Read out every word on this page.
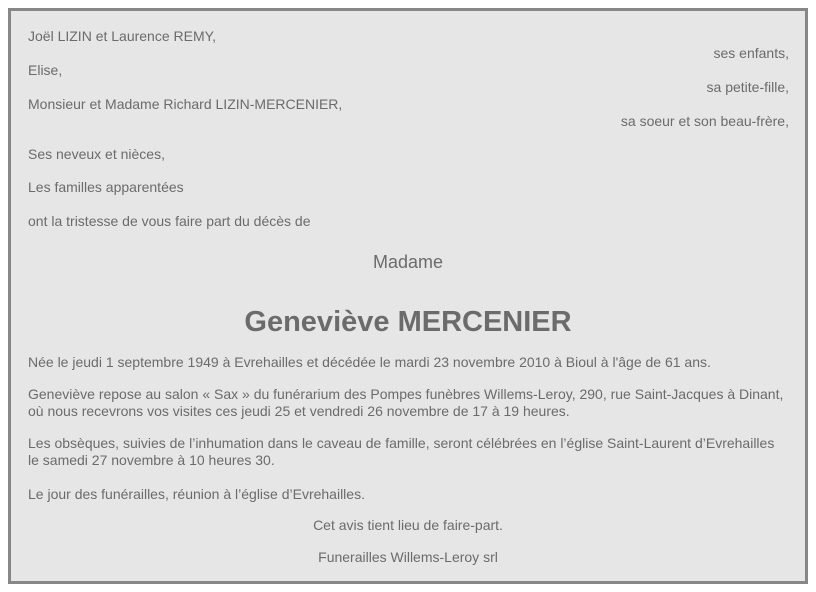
Joël LIZIN et Laurence REMY,
ses enfants,
Elise,
sa petite-fille,
Monsieur et Madame Richard LIZIN-MERCENIER,
sa soeur et son beau-frère,
Ses neveux et nièces,
Les familles apparentées
ont la tristesse de vous faire part du décès de
Madame
Geneviève MERCENIER
Née le jeudi 1 septembre 1949 à Evrehailles et décédée le mardi 23 novembre 2010 à Bioul à l'âge de 61 ans.
Geneviève repose au salon « Sax » du funérarium des Pompes funèbres Willems-Leroy, 290, rue Saint-Jacques à Dinant, où nous recevrons vos visites ces jeudi 25 et vendredi 26 novembre de 17 à 19 heures.
Les obsèques, suivies de l’inhumation dans le caveau de famille, seront célébrées en l’église Saint-Laurent d’Evrehailles le samedi 27 novembre à 10 heures 30.
Le jour des funérailles, réunion à l’église d’Evrehailles.
Cet avis tient lieu de faire-part.
Funerailles Willems-Leroy srl
